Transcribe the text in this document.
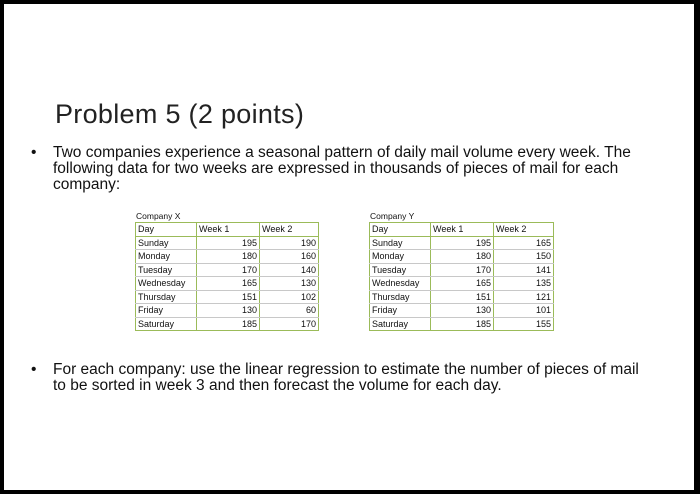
Problem 5 (2 points)
• Two companies experience a seasonal pattern of daily mail volume every week. The following data for two weeks are expressed in thousands of pieces of mail for each company:
Company X
Day	Week 1	Week 2
Sunday	195	190
Monday	180	160
Tuesday	170	140
Wednesday	165	130
Thursday	151	102
Friday	130	60
Saturday	185	170
Company Y
Day	Week 1	Week 2
Sunday	195	165
Monday	180	150
Tuesday	170	141
Wednesday	165	135
Thursday	151	121
Friday	130	101
Saturday	185	155
• For each company: use the linear regression to estimate the number of pieces of mail to be sorted in week 3 and then forecast the volume for each day.
